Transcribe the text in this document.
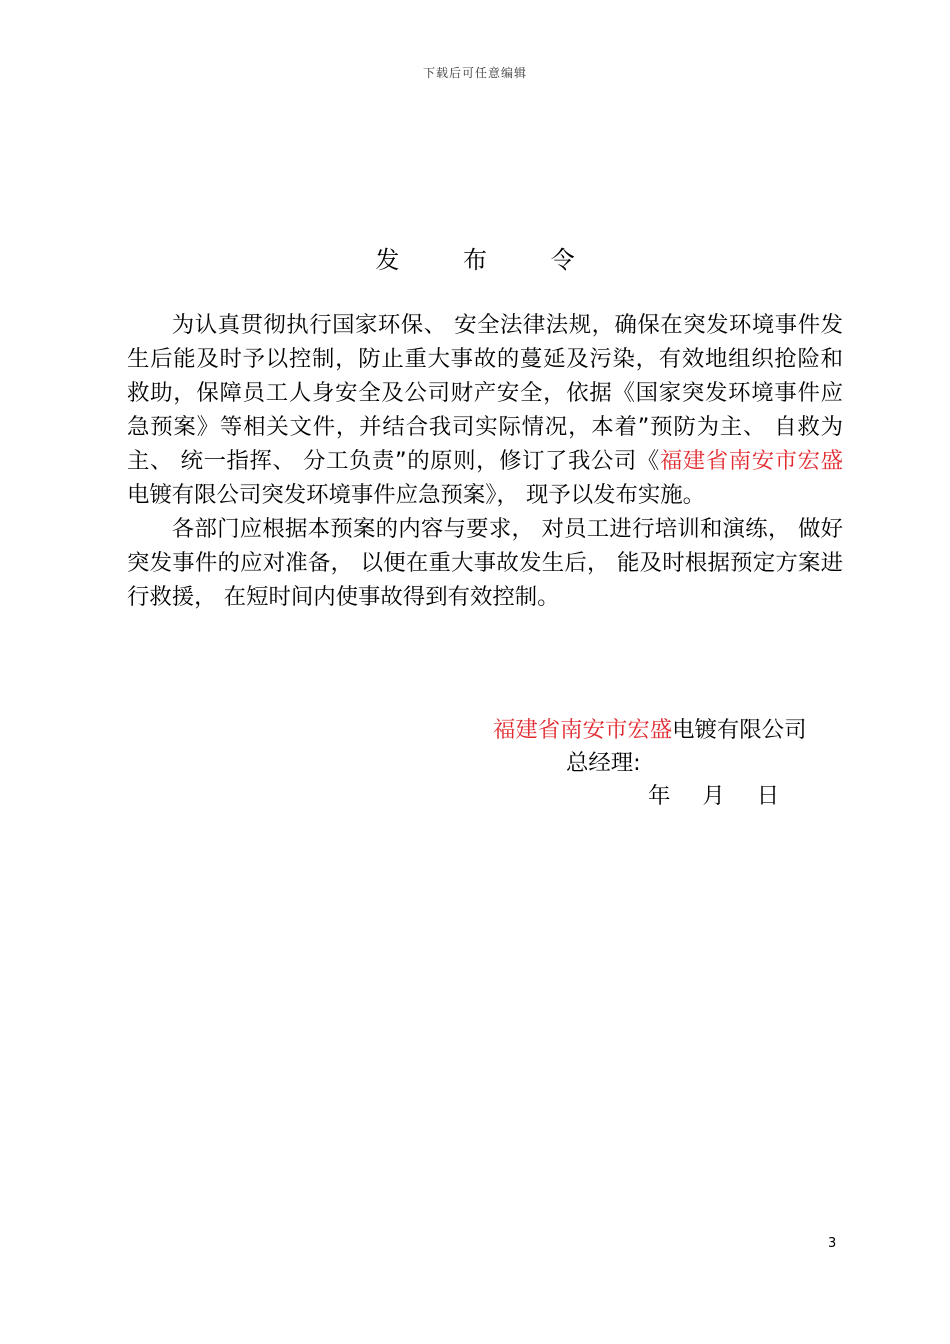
下载后可任意编辑
发 布 令

为认真贯彻执行国家环保、 安全法律法规，确保在突发环境事件发生后能及时予以控制，防止重大事故的蔓延及污染，有效地组织抢险和救助，保障员工人身安全及公司财产安全，依据《国家突发环境事件应急预案》等相关文件，并结合我司实际情况，本着”预防为主、 自救为主、 统一指挥、 分工负责”的原则，修订了我公司《福建省南安市宏盛电镀有限公司突发环境事件应急预案》， 现予以发布实施。

各部门应根据本预案的内容与要求， 对员工进行培训和演练， 做好突发事件的应对准备， 以便在重大事故发生后， 能及时根据预定方案进行救援， 在短时间内使事故得到有效控制。

福建省南安市宏盛电镀有限公司
总经理:
年 月 日
3
